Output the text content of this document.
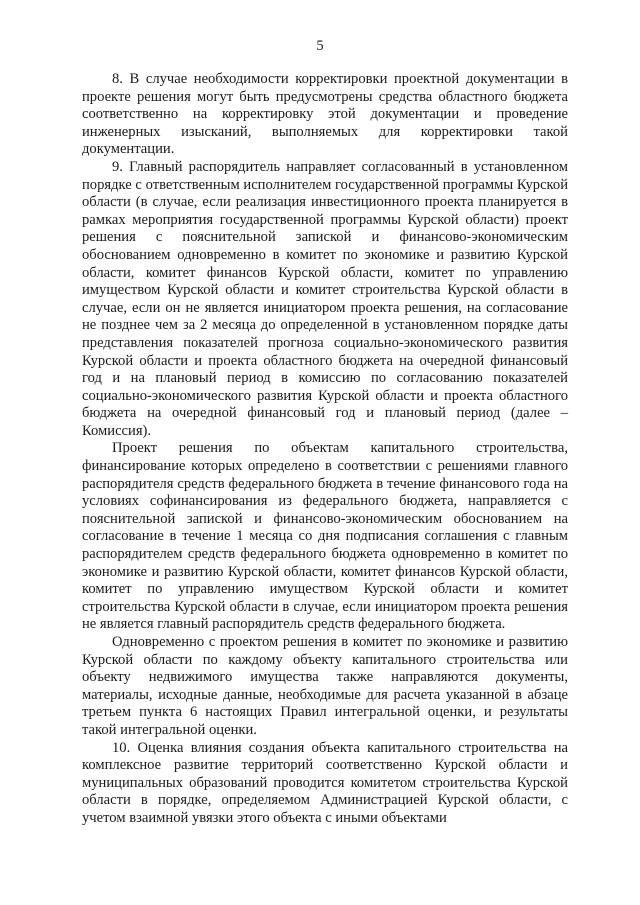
5

8. В случае необходимости корректировки проектной документации в проекте решения могут быть предусмотрены средства областного бюджета соответственно на корректировку этой документации и проведение инженерных изысканий, выполняемых для корректировки такой документации.

9. Главный распорядитель направляет согласованный в установленном порядке с ответственным исполнителем государственной программы Курской области (в случае, если реализация инвестиционного проекта планируется в рамках мероприятия государственной программы Курской области) проект решения с пояснительной запиской и финансово-экономическим обоснованием одновременно в комитет по экономике и развитию Курской области, комитет финансов Курской области, комитет по управлению имуществом Курской области и комитет строительства Курской области в случае, если он не является инициатором проекта решения, на согласование не позднее чем за 2 месяца до определенной в установленном порядке даты представления показателей прогноза социально-экономического развития Курской области и проекта областного бюджета на очередной финансовый год и на плановый период в комиссию по согласованию показателей социально-экономического развития Курской области и проекта областного бюджета на очередной финансовый год и плановый период (далее – Комиссия).

Проект решения по объектам капитального строительства, финансирование которых определено в соответствии с решениями главного распорядителя средств федерального бюджета в течение финансового года на условиях софинансирования из федерального бюджета, направляется с пояснительной запиской и финансово-экономическим обоснованием на согласование в течение 1 месяца со дня подписания соглашения с главным распорядителем средств федерального бюджета одновременно в комитет по экономике и развитию Курской области, комитет финансов Курской области, комитет по управлению имуществом Курской области и комитет строительства Курской области в случае, если инициатором проекта решения не является главный распорядитель средств федерального бюджета.

Одновременно с проектом решения в комитет по экономике и развитию Курской области по каждому объекту капитального строительства или объекту недвижимого имущества также направляются документы, материалы, исходные данные, необходимые для расчета указанной в абзаце третьем пункта 6 настоящих Правил интегральной оценки, и результаты такой интегральной оценки.

10. Оценка влияния создания объекта капитального строительства на комплексное развитие территорий соответственно Курской области и муниципальных образований проводится комитетом строительства Курской области в порядке, определяемом Администрацией Курской области, с учетом взаимной увязки этого объекта с иными объектами
